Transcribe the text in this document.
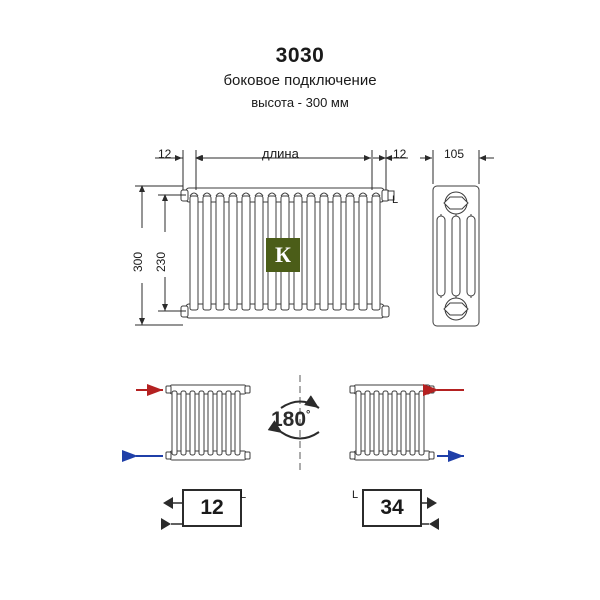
3030
боковое подключение
высота - 300 мм
12	длина	12	105
L
300 230	К
180°
12
L
34
L
